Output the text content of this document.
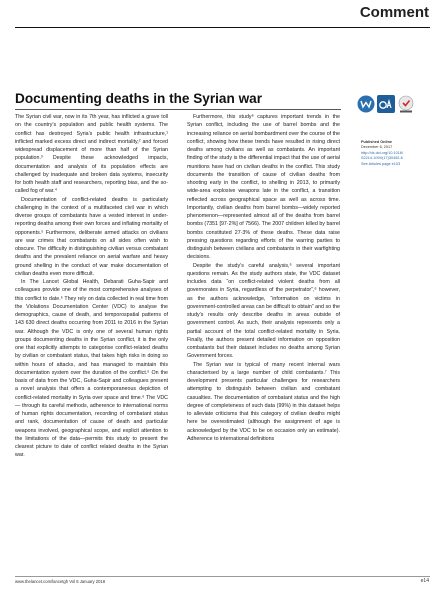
Comment
Documenting deaths in the Syrian war

The Syrian civil war, now in its 7th year, has inflicted a grave toll on the country’s population and public health systems. The conflict has destroyed Syria’s public health infrastructure,¹ inflicted marked excess direct and indirect mortality,² and forced widespread displacement of more than half of the Syrian population.³ Despite these acknowledged impacts, documentation and analysis of its population effects are challenged by inadequate and broken data systems, insecurity for both health staff and researchers, reporting bias, and the so-called fog of war.⁴

Documentation of conflict-related deaths is particularly challenging in the context of a multifaceted civil war in which diverse groups of combatants have a vested interest in under-reporting deaths among their own forces and inflating mortality of opponents.⁵ Furthermore, deliberate armed attacks on civilians are war crimes that combatants on all sides often wish to obscure. The difficulty in distinguishing civilian versus combatant deaths and the prevalent reliance on aerial warfare and heavy ground shelling in the conduct of war make documentation of civilian deaths even more difficult.

In The Lancet Global Health, Debarati Guha-Sapir and colleagues provide one of the most comprehensive analyses of this conflict to date.⁶ They rely on data collected in real time from the Violations Documentation Center (VDC) to analyse the demographics, cause of death, and temporospatial patterns of 143 630 direct deaths occurring from 2011 to 2016 in the Syrian war. Although the VDC is only one of several human rights groups documenting deaths in the Syrian conflict, it is the only one that explicitly attempts to categorise conflict-related deaths by civilian or combatant status, that takes high risks in doing so within hours of attacks, and has managed to maintain this documentation system over the duration of the conflict.⁶ On the basis of data from the VDC, Guha-Sapir and colleagues present a novel analysis that offers a contemporaneous depiction of conflict-related mortality in Syria over space and time.⁶ The VDC— through its careful methods, adherence to international norms of human rights documentation, recording of combatant status and rank, documentation of cause of death and particular weapons involved, geographical scope, and explicit attention to the limitations of the data—permits this study to present the clearest picture to date of conflict related deaths in the Syrian war.

Furthermore, this study⁶ captures important trends in the Syrian conflict, including the use of barrel bombs and the increasing reliance on aerial bombardment over the course of the conflict, showing how these trends have resulted in rising direct deaths among civilians as well as combatants. An important finding of the study is the differential impact that the use of aerial munitions have had on civilian deaths in the conflict. This study documents the transition of cause of civilian deaths from shooting early in the conflict, to shelling in 2013, to primarily wide-area explosive weapons late in the conflict, a transition reflected across geographical space as well as across time. Importantly, civilian deaths from barrel bombs—widely reported phenomenon—represented almost all of the deaths from barrel bombs (7351 [97·2%] of 7566). The 2007 children killed by barrel bombs constituted 27·3% of these deaths. These data raise pressing questions regarding efforts of the warring parties to distinguish between civilians and combatants in their warfighting decisions.

Despite the study’s careful analysis,⁶ several important questions remain. As the study authors state, the VDC dataset includes data “on conflict-related violent deaths from all governorates in Syria, regardless of the perpetrator”,⁶ however, as the authors acknowledge, “information on victims in government-controlled areas can be difficult to obtain” and so the study’s results only describe deaths in areas outside of government control. As such, their analysis represents only a partial account of the total conflict-related mortality in Syria. Finally, the authors present detailed information on opposition combatants but their dataset includes no deaths among Syrian Government forces.

The Syrian war is typical of many recent internal wars characterised by a large number of child combatants.⁷ This development presents particular challenges for researchers attempting to distinguish between civilian and combatant casualties. The documentation of combatant status and the high degree of completeness of such data (99%) in this dataset helps to alleviate criticisms that this category of civilian deaths might here be overestimated (although the assignment of age is acknowledged by the VDC to be on occasion only an estimate). Adherence to international definitions

Published Online
December 6, 2017
http://dx.doi.org/10.1016/
S2214-109X(17)30452-6
See Articles page e103
www.thelancet.com/lancetgh Vol 6 January 2018	e14
